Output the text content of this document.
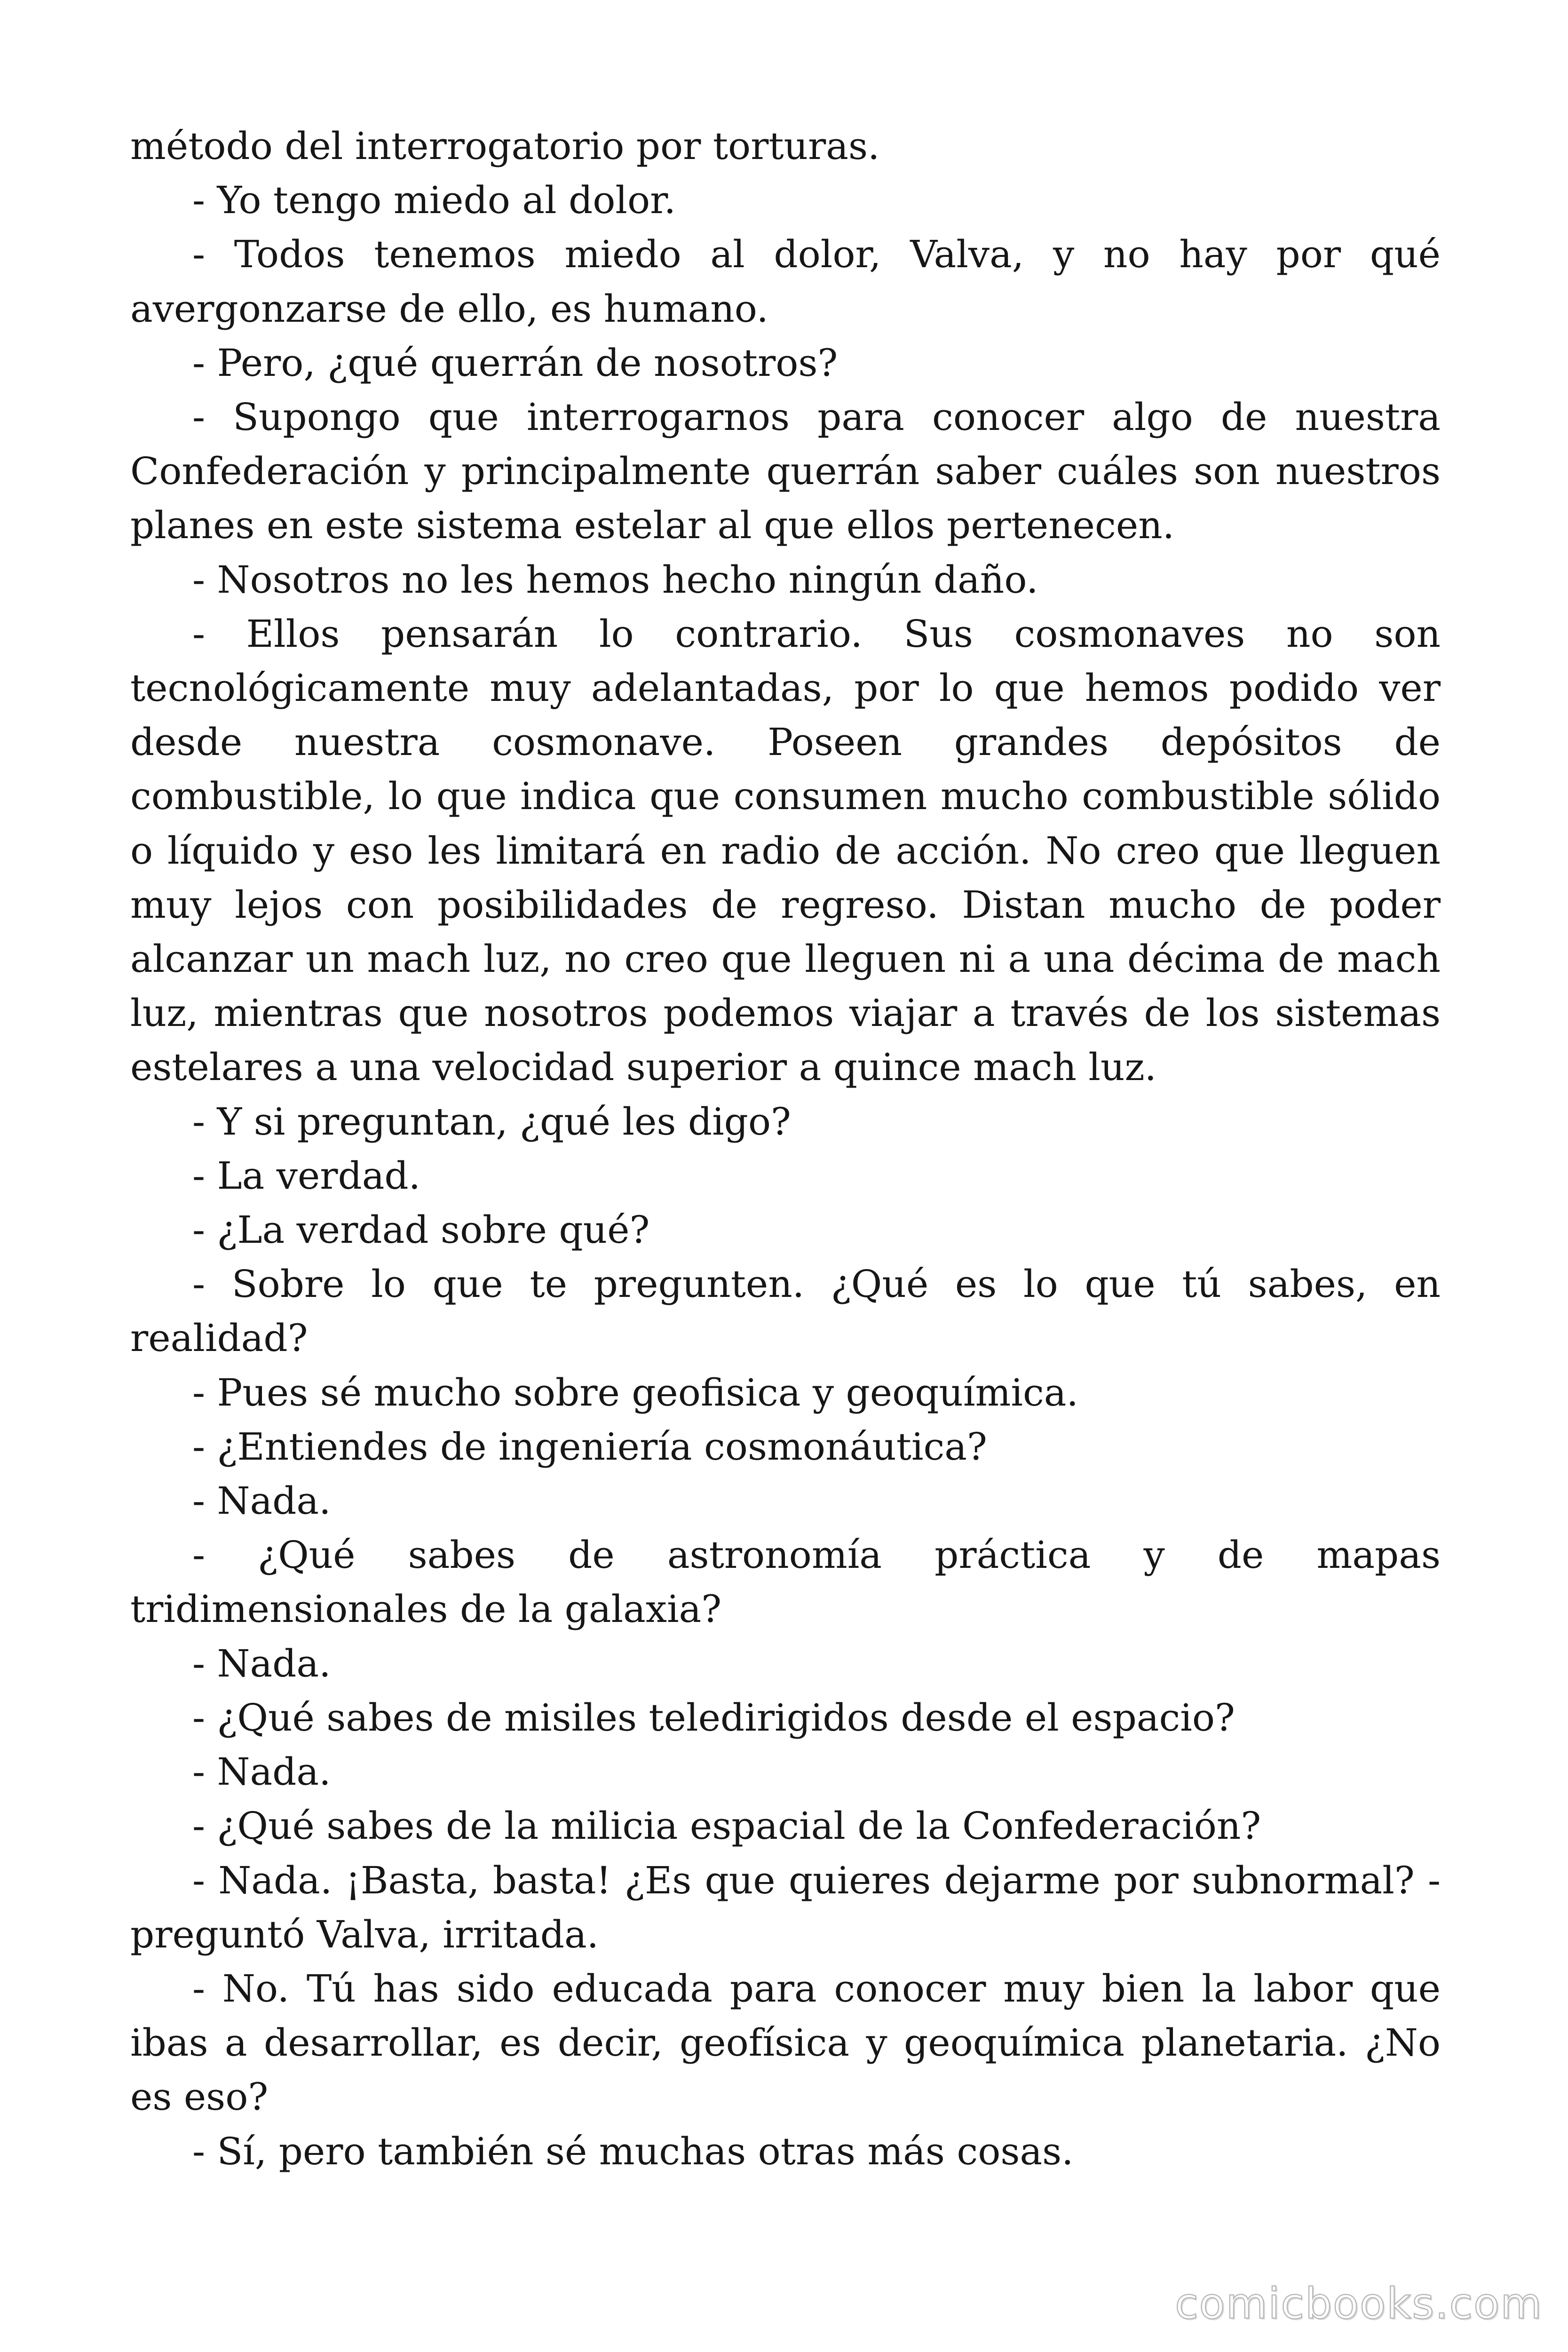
método del interrogatorio por torturas.

- Yo tengo miedo al dolor.

- Todos tenemos miedo al dolor, Valva, y no hay por qué avergonzarse de ello, es humano.

- Pero, ¿qué querrán de nosotros?

- Supongo que interrogarnos para conocer algo de nuestra Confederación y principalmente querrán saber cuáles son nuestros planes en este sistema estelar al que ellos pertenecen.

- Nosotros no les hemos hecho ningún daño.

- Ellos pensarán lo contrario. Sus cosmonaves no son tecnológicamente muy adelantadas, por lo que hemos podido ver desde nuestra cosmonave. Poseen grandes depósitos de combustible, lo que indica que consumen mucho combustible sólido o líquido y eso les limitará en radio de acción. No creo que lleguen muy lejos con posibilidades de regreso. Distan mucho de poder alcanzar un mach luz, no creo que lleguen ni a una décima de mach luz, mientras que nosotros podemos viajar a través de los sistemas estelares a una velocidad superior a quince mach luz.

- Y si preguntan, ¿qué les digo?

- La verdad.

- ¿La verdad sobre qué?

- Sobre lo que te pregunten. ¿Qué es lo que tú sabes, en realidad?

- Pues sé mucho sobre geofisica y geoquímica.

- ¿Entiendes de ingeniería cosmonáutica?

- Nada.

- ¿Qué sabes de astronomía práctica y de mapas tridimensionales de la galaxia?

- Nada.

- ¿Qué sabes de misiles teledirigidos desde el espacio?

- Nada.

- ¿Qué sabes de la milicia espacial de la Confederación?

- Nada. ¡Basta, basta! ¿Es que quieres dejarme por subnormal? - preguntó Valva, irritada.

- No. Tú has sido educada para conocer muy bien la labor que ibas a desarrollar, es decir, geofísica y geoquímica planetaria. ¿No es eso?

- Sí, pero también sé muchas otras más cosas.

comicbooks.com
